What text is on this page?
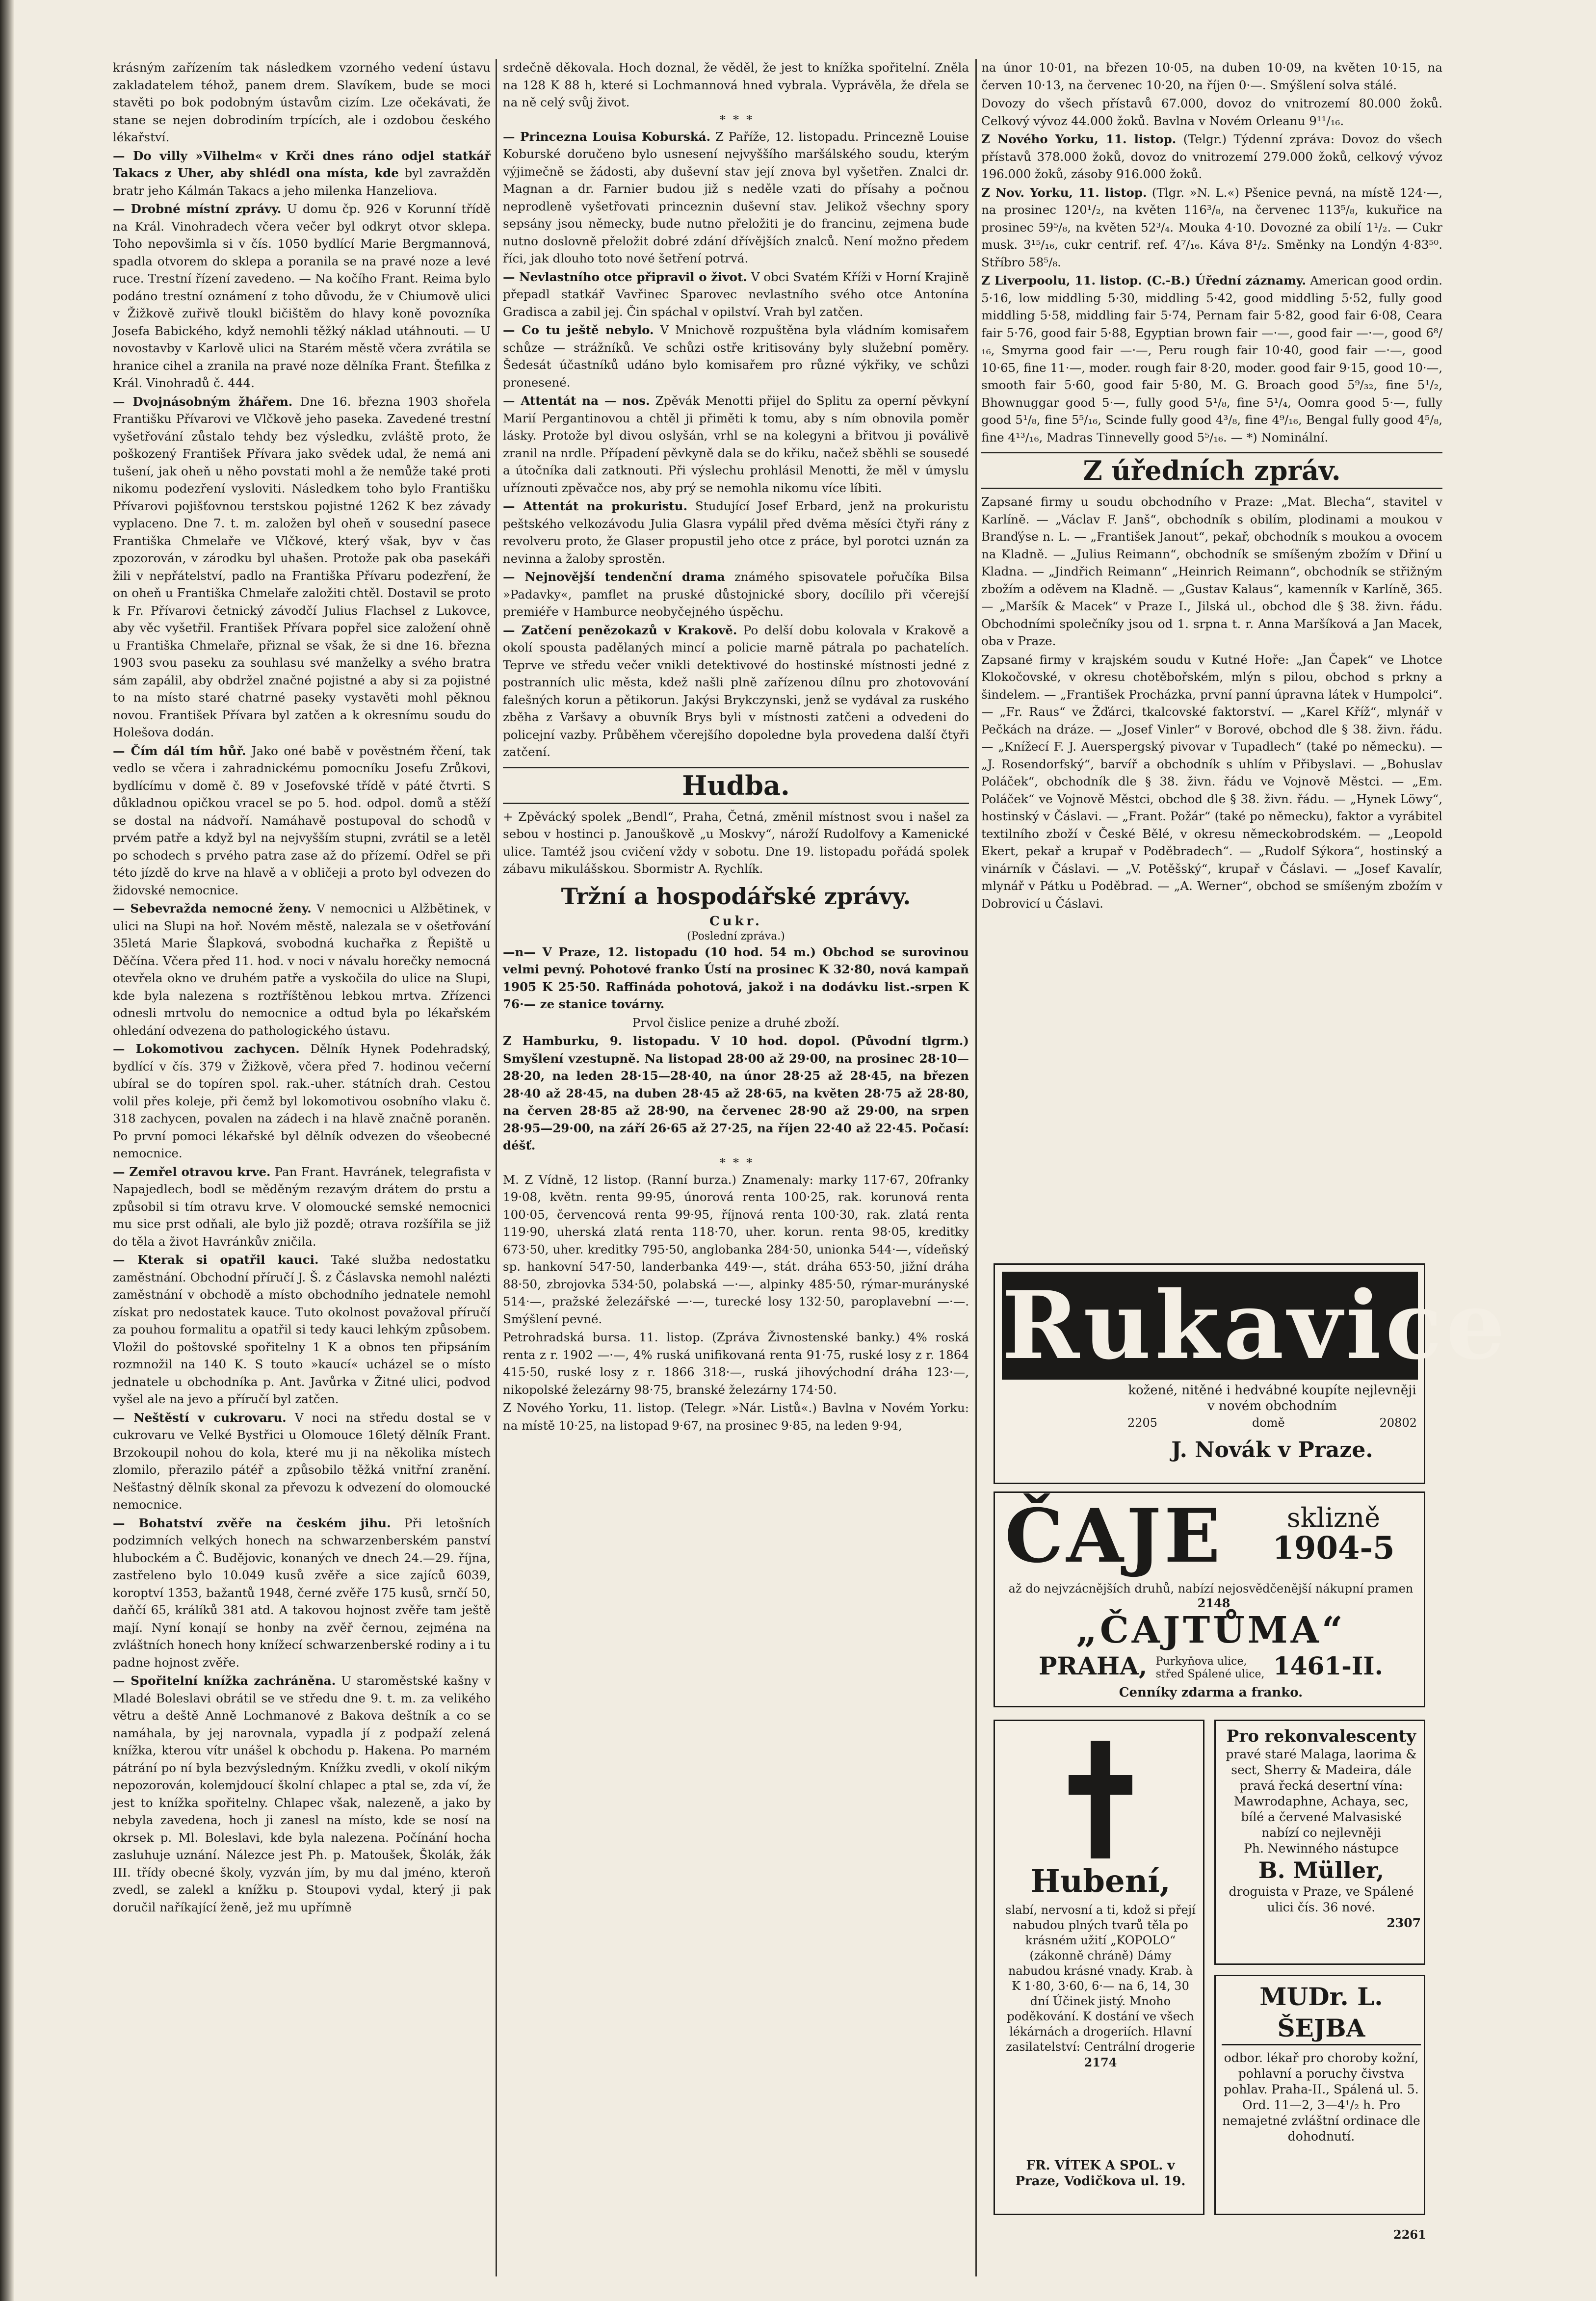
krásným zařízením tak následkem vzorného vedení ústavu zakladatelem téhož, panem drem. Slavíkem, bude se moci stavěti po bok podobným ústavům cizím. Lze očekávati, že stane se nejen dobrodiním trpících, ale i ozdobou českého lékařství.

— Do villy »Vilhelm« v Krči dnes ráno odjel statkář Takacs z Uher, aby shlédl ona místa, kde byl zavražděn bratr jeho Kálmán Takacs a jeho milenka Hanzeliova.

— Drobné místní zprávy. U domu čp. 926 v Korunní třídě na Král. Vinohradech včera večer byl odkryt otvor sklepa. Toho nepovšimla si v čís. 1050 bydlící Marie Bergmannová, spadla otvorem do sklepa a poranila se na pravé noze a levé ruce. Trestní řízení zavedeno. — Na kočího Frant. Reima bylo podáno trestní oznámení z toho důvodu, že v Chiumově ulici v Žižkově zuřivě tloukl bičištěm do hlavy koně povozníka Josefa Babického, když nemohli těžký náklad utáhnouti. — U novostavby v Karlově ulici na Starém městě včera zvrátila se hranice cihel a zranila na pravé noze dělníka Frant. Štefilka z Král. Vinohradů č. 444.

— Dvojnásobným žhářem. Dne 16. března 1903 shořela Františku Přívarovi ve Vlčkově jeho paseka. Zavedené trestní vyšetřování zůstalo tehdy bez výsledku, zvláště proto, že poškozený František Přívara jako svědek udal, že nemá ani tušení, jak oheň u něho povstati mohl a že nemůže také proti nikomu podezření vysloviti. Následkem toho bylo Františku Přívarovi pojišťovnou terstskou pojistné 1262 K bez závady vyplaceno. Dne 7. t. m. založen byl oheň v sousední pasece Františka Chmelaře ve Vlčkové, který však, byv v čas zpozorován, v zárodku byl uhašen. Protože pak oba pasekáři žili v nepřátelství, padlo na Františka Přívaru podezření, že on oheň u Františka Chmelaře založiti chtěl. Dostavil se proto k Fr. Přívarovi četnický závodčí Julius Flachsel z Lukovce, aby věc vyšetřil. František Přívara popřel sice založení ohně u Františka Chmelaře, přiznal se však, že si dne 16. března 1903 svou paseku za souhlasu své manželky a svého bratra sám zapálil, aby obdržel značné pojistné a aby si za pojistné to na místo staré chatrné paseky vystavěti mohl pěknou novou. František Přívara byl zatčen a k okresnímu soudu do Holešova dodán.

— Čím dál tím hůř. Jako oné babě v pověstném řčení, tak vedlo se včera i zahradnickému pomocníku Josefu Zrůkovi, bydlícímu v domě č. 89 v Josefovské třídě v páté čtvrti. S důkladnou opičkou vracel se po 5. hod. odpol. domů a stěží se dostal na nádvoří. Namáhavě postupoval do schodů v prvém patře a když byl na nejvyšším stupni, zvrátil se a letěl po schodech s prvého patra zase až do přízemí. Odřel se při této jízdě do krve na hlavě a v obličeji a proto byl odvezen do židovské nemocnice.

— Sebevražda nemocné ženy. V nemocnici u Alžbětinek, v ulici na Slupi na hoř. Novém městě, nalezala se v ošetřování 35letá Marie Šlapková, svobodná kuchařka z Řepiště u Děčína. Včera před 11. hod. v noci v návalu horečky nemocná otevřela okno ve druhém patře a vyskočila do ulice na Slupi, kde byla nalezena s roztříštěnou lebkou mrtva. Zřízenci odnesli mrtvolu do nemocnice a odtud byla po lékařském ohledání odvezena do pathologického ústavu.

— Lokomotivou zachycen. Dělník Hynek Podehradský, bydlící v čís. 379 v Žižkově, včera před 7. hodinou večerní ubíral se do topíren spol. rak.-uher. státních drah. Cestou volil přes koleje, při čemž byl lokomotivou osobního vlaku č. 318 zachycen, povalen na zádech i na hlavě značně poraněn. Po první pomoci lékařské byl dělník odvezen do všeobecné nemocnice.

— Zemřel otravou krve. Pan Frant. Havránek, telegrafista v Napajedlech, bodl se měděným rezavým drátem do prstu a způsobil si tím otravu krve. V olomoucké semské nemocnici mu sice prst odňali, ale bylo již pozdě; otrava rozšířila se již do těla a život Havránkův zničila.

— Kterak si opatřil kauci. Také služba nedostatku zaměstnání. Obchodní příručí J. Š. z Čáslavska nemohl nalézti zaměstnání v obchodě a místo obchodního jednatele nemohl získat pro nedostatek kauce. Tuto okolnost považoval příručí za pouhou formalitu a opatřil si tedy kauci lehkým způsobem. Vložil do poštovské spořitelny 1 K a obnos ten připsáním rozmnožil na 140 K. S touto »kaucí« ucházel se o místo jednatele u obchodníka p. Ant. Javůrka v Žitné ulici, podvod vyšel ale na jevo a příručí byl zatčen.

— Neštěstí v cukrovaru. V noci na středu dostal se v cukrovaru ve Velké Bystřici u Olomouce 16letý dělník Frant. Brzokoupil nohou do kola, které mu ji na několika místech zlomilo, přerazilo pátéř a způsobilo těžká vnitřní zranění. Nešťastný dělník skonal za převozu k odvezení do olomoucké nemocnice.

— Bohatství zvěře na českém jihu. Při letošních podzimních velkých honech na schwarzenberském panství hlubockém a Č. Budějovic, konaných ve dnech 24.—29. října, zastřeleno bylo 10.049 kusů zvěře a sice zajíců 6039, koroptví 1353, bažantů 1948, černé zvěře 175 kusů, srnčí 50, daňčí 65, králíků 381 atd. A takovou hojnost zvěře tam ještě mají. Nyní konají se honby na zvěř černou, zejména na zvláštních honech hony knížecí schwarzenberské rodiny a i tu padne hojnost zvěře.

— Spořitelní knížka zachráněna. U staroměstské kašny v Mladé Boleslavi obrátil se ve středu dne 9. t. m. za velikého větru a deště Anně Lochmanové z Bakova deštník a co se namáhala, by jej narovnala, vypadla jí z podpaží zelená knížka, kterou vítr unášel k obchodu p. Hakena. Po marném pátrání po ní byla bezvýsledným. Knížku zvedli, v okolí nikým nepozorován, kolemjdoucí školní chlapec a ptal se, zda ví, že jest to knížka spořitelny. Chlapec však, nalezeně, a jako by nebyla zavedena, hoch ji zanesl na místo, kde se nosí na okrsek p. Ml. Boleslavi, kde byla nalezena. Počínání hocha zasluhuje uznání. Nálezce jest Ph. p. Matoušek, Školák, žák III. třídy obecné školy, vyzván jím, by mu dal jméno, kteroň zvedl, se zalekl a knížku p. Stoupovi vydal, který ji pak doručil naříkající ženě, jež mu upřímně

srdečně děkovala. Hoch doznal, že věděl, že jest to knížka spořitelní. Znělа na 128 K 88 h, které si Lochmannová hned vybrala. Vyprávěla, že dřela se na ně celý svůj život.

*  *  *

— Princezna Louisa Koburská. Z Paříže, 12. listopadu. Princezně Louise Koburské doručeno bylo usnesení nejvyššího maršálského soudu, kterým výjimečně se žádosti, aby duševní stav její znova byl vyšetřen. Znalci dr. Magnan a dr. Farnier budou již s neděle vzati do přísahy a počnou neprodleně vyšetřovati princeznin duševní stav. Jelikož všechny spory sepsány jsou německy, bude nutno přeložiti je do francinu, zejmena bude nutno doslovně přeložit dobré zdání dřívějších znalců. Není možno předem říci, jak dlouho toto nové šetření potrvá.

— Nevlastního otce připravil o život. V obci Svatém Kříži v Horní Krajině přepadl statkář Vavřinec Sparovec nevlastního svého otce Antonína Gradisca a zabil jej. Čin spáchal v opilství. Vrah byl zatčen.

— Co tu ještě nebylo. V Mnichově rozpuštěna byla vládním komisařem schůze — strážníků. Ve schůzi ostře kritisovány byly služební poměry. Šedesát účastníků udáno bylo komisařem pro různé výkřiky, ve schůzi pronesené.

— Attentát na — nos. Zpěvák Menotti přijel do Splitu za operní pěvkyní Marií Pergantinovou a chtěl ji přiměti k tomu, aby s ním obnovila poměr lásky. Protože byl divou oslyšán, vrhl se na kolegyni a břitvou ji poválivě zranil na nrdle. Případení pěvkyně dala se do křiku, načež sběhli se sousedé a útočníka dali zatknouti. Při výslechu prohlásil Menotti, že měl v úmyslu uříznouti zpěvačce nos, aby prý se nemohla nikomu více líbiti.

— Attentát na prokuristu. Studující Josef Erbard, jenž na prokuristu peštského velkozávodu Julia Glasra vypálil před dvěma měsíci čtyři rány z revolveru proto, že Glaser propustil jeho otce z práce, byl porotci uznán za nevinna a žaloby sprostěn.

— Nejnovější tendenční drama známého spisovatele pořučíka Bilsa »Padavky«, pamflet na pruské důstojnické sbory, docílilo při včerejší premiéře v Hamburce neobyčejného úspěchu.

— Zatčení penězokazů v Krakově. Po delší dobu kolovala v Krakově a okolí spousta padělaných mincí a policie marně pátrala po pachatelích. Teprve ve středu večer vnikli detektivové do hostinské místnosti jedné z postranních ulic města, kdež našli plně zařízenou dílnu pro zhotovování falešných korun a pětikorun. Jakýsi Brykczynski, jenž se vydával za ruského zběha z Varšavy a obuvník Brys byli v místnosti zatčeni a odvedeni do policejní vazby. Průběhem včerejšího dopoledne byla provedena další čtyři zatčení.

Hudba.

+ Zpěvácký spolek „Bendl“, Praha, Četná, změnil místnost svou i našel za sebou v hostinci p. Janouškově „u Moskvy“, nároží Rudolfovy a Kamenické ulice. Tamtéž jsou cvičení vždy v sobotu. Dne 19. listopadu pořádá spolek zábavu mikulášskou. Sbormistr A. Rychlík.

Tržní a hospodářské zprávy.
Cukr.
(Poslední zpráva.)

—n— V Praze, 12. listopadu (10 hod. 54 m.) Obchod se surovinou velmi pevný. Pohotové franko Ústí na prosinec K 32·80, nová kampaň 1905 K 25·50. Raffináda pohotová, jakož i na dodávku list.-srpen K 76·— ze stanice továrny.

Prvol čislice penize a druhé zboží.

Z Hamburku, 9. listopadu. V 10 hod. dopol. (Původní tlgrm.) Smyšlení vzestupně. Na listopad 28·00 až 29·00, na prosinec 28·10—28·20, na leden 28·15—28·40, na únor 28·25 až 28·45, na březen 28·40 až 28·45, na duben 28·45 až 28·65, na květen 28·75 až 28·80, na červen 28·85 až 28·90, na červenec 28·90 až 29·00, na srpen 28·95—29·00, na září 26·65 až 27·25, na říjen 22·40 až 22·45. Počasí: déšť.

*  *  *

M. Z Vídně, 12 listop. (Ranní burza.) Znamenaly: marky 117·67, 20franky 19·08, květn. renta 99·95, únorová renta 100·25, rak. korunová renta 100·05, červencová renta 99·95, říjnová renta 100·30, rak. zlatá renta 119·90, uherská zlatá renta 118·70, uher. korun. renta 98·05, kreditky 673·50, uher. kreditky 795·50, anglobanka 284·50, unionka 544·—, vídeňský sp. hankovní 547·50, landerbanka 449·—, stát. dráha 653·50, jižní dráha 88·50, zbrojovka 534·50, polabská —·—, alpinky 485·50, rýmar-murányské 514·—, pražské železářské —·—, turecké losy 132·50, paroplavební —·—. Smýšlení pevné.

Petrohradská bursa. 11. listop. (Zpráva Živnostenské banky.) 4% roská renta z r. 1902 —·—, 4% ruská unifikovaná renta 91·75, ruské losy z r. 1864 415·50, ruské losy z r. 1866 318·—, ruská jihovýchodní dráha 123·—, nikopolské železárny 98·75, branské železárny 174·50.

Z Nového Yorku, 11. listop. (Telegr. »Nár. Listů«.) Bavlna v Novém Yorku: na místě 10·25, na listopad 9·67, na prosinec 9·85, na leden 9·94,

na únor 10·01, na březen 10·05, na duben 10·09, na květen 10·15, na červen 10·13, na červenec 10·20, na říjen 0·—. Smýšlení solva stálé.

Dovozy do všech přístavů 67.000, dovoz do vnitrozemí 80.000 žoků. Celkový vývoz 44.000 žoků. Bavlna v Novém Orleanu 9¹¹/₁₆.

Z Nového Yorku, 11. listop. (Telgr.) Týdenní zpráva: Dovoz do všech přístavů 378.000 žoků, dovoz do vnitrozemí 279.000 žoků, celkový vývoz 196.000 žoků, zásoby 916.000 žoků.

Z Nov. Yorku, 11. listop. (Tlgr. »N. L.«) Pšenice pevná, na místě 124·—, na prosinec 120¹/₂, na květen 116³/₈, na červenec 113⁵/₈, kukuřice na prosinec 59⁵/₈, na květen 52³/₄. Mouka 4·10. Dovozné za obilí 1¹/₂. — Cukr musk. 3¹⁵/₁₆, cukr centrif. ref. 4⁷/₁₆. Káva 8¹/₂. Směnky na Londýn 4·83⁵⁰. Stříbro 58⁵/₈.

Z Liverpoolu, 11. listop. (C.-B.) Úřední záznamy. American good ordin. 5·16, low middling 5·30, middling 5·42, good middling 5·52, fully good middling 5·58, middling fair 5·74, Pernam fair 5·82, good fair 6·08, Ceara fair 5·76, good fair 5·88, Egyptian brown fair —·—, good fair —·—, good 6⁸/₁₆, Smyrna good fair —·—, Peru rough fair 10·40, good fair —·—, good 10·65, fine 11·—, moder. rough fair 8·20, moder. good fair 9·15, good 10·—, smooth fair 5·60, good fair 5·80, M. G. Broach good 5⁹/₃₂, fine 5¹/₂, Bhownuggar good 5·—, fully good 5¹/₈, fine 5¹/₄, Oomra good 5·—, fully good 5¹/₈, fine 5⁵/₁₆, Scinde fully good 4³/₈, fine 4⁹/₁₆, Bengal fully good 4⁵/₈, fine 4¹³/₁₆, Madras Tinnevelly good 5⁵/₁₆. — *) Nominální.

Z úředních zpráv.

Zapsané firmy u soudu obchodního v Praze: „Mat. Blecha“, stavitel v Karlíně. — „Václav F. Janš“, obchodník s obilím, plodinami a moukou v Branďýse n. L. — „František Janout“, pekař, obchodník s moukou a ovocem na Kladně. — „Julius Reimann“, obchodník se smíšeným zbožím v Dřiní u Kladna. — „Jindřich Reimann“ „Heinrich Reimann“, obchodník se střižným zbožím a oděvem na Kladně. — „Gustav Kalaus“, kamenník v Karlíně, 365. — „Maršík & Macek“ v Praze I., Jilská ul., obchod dle § 38. živn. řádu. Obchodními společníky jsou od 1. srpna t. r. Anna Maršíková a Jan Macek, oba v Praze.

Zapsané firmy v krajském soudu v Kutné Hoře: „Jan Čapek“ ve Lhotce Klokočovské, v okresu chotěbořském, mlýn s pilou, obchod s prkny a šindelem. — „František Procházka, první panní úpravna látek v Humpolci“. — „Fr. Raus“ ve Žďárci, tkalcovské faktorství. — „Karel Kříž“, mlynář v Pečkách na dráze. — „Josef Vinler“ v Borové, obchod dle § 38. živn. řádu. — „Knížecí F. J. Auerspergský pivovar v Tupadlech“ (také po německu). — „J. Rosendorfský“, barvíř a obchodník s uhlím v Přibyslavi. — „Bohuslav Poláček“, obchodník dle § 38. živn. řádu ve Vojnově Městci. — „Em. Poláček“ ve Vojnově Městci, obchod dle § 38. živn. řádu. — „Hynek Löwy“, hostinský v Čáslavi. — „Frant. Požár“ (také po německu), faktor a vyrábitel textilního zboží v České Bělé, v okresu německobrodském. — „Leopold Ekert, pekař a krupař v Poděbradech“. — „Rudolf Sýkora“, hostinský a vinárník v Čáslavi. — „V. Potěšský“, krupař v Čáslavi. — „Josef Kavalír, mlynář v Pátku u Poděbrad. — „A. Werner“, obchod se smíšeným zbožím v Dobrovicí u Čáslavi.

Rukavice
kožené, nitěné i hedvábné koupíte nejlevněji v novém obchodním
2205	domě	20802
J. Novák v Praze.
ČAJE	sklizně
1904-5
až do nejvzácnějších druhů, nabízí nejosvědčenější nákupní pramen 2148
„ČAJTŮMA“
PRAHA, Purkyňova ulice,
střed Spálené ulice, 1461-II.
Cenníky zdarma a franko.
Hubení,
slabí, nervosní a ti, kdož si přejí nabudou plných tvarů těla po krásném užití „KOPOLO“ (zákonně chráně) Dámy nabudou krásné vnady. Krab. à K 1·80, 3·60, 6·— na 6, 14, 30 dní Účinek jistý. Mnoho poděkování. K dostání ve všech lékárnách a drogeriích. Hlavní zasilatelství: Centrální drogerie 2174
FR. VÍTEK A SPOL. v Praze, Vodičkova ul. 19.
Pro rekonvalescenty
pravé staré Malaga, laorima & sect, Sherry & Madeira, dále pravá řecká desertní vína: Mawrodaphne, Achaya, sec, bílé a červené Malvasiské nabízí co nejlevněji
Ph. Newinného nástupce
B. Müller,
droguista v Praze, ve Spálené ulici čís. 36 nové.
2307
MUDr. L. ŠEJBA
odbor. lékař pro choroby kožní, pohlavní a poruchy čivstva pohlav. Praha-II., Spálená ul. 5. Ord. 11—2, 3—4¹/₂ h. Pro nemajetné zvláštní ordinace dle dohodnutí.
2261
